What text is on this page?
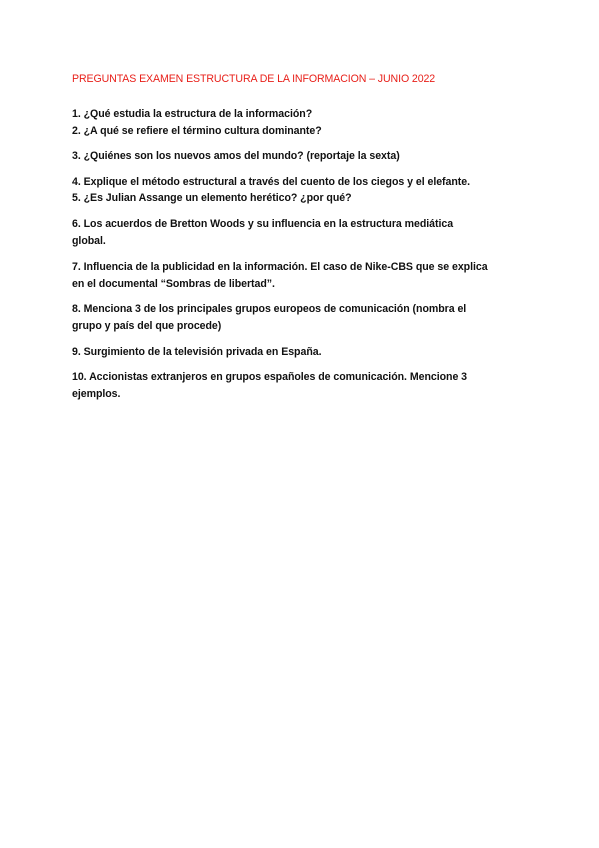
PREGUNTAS EXAMEN ESTRUCTURA DE LA INFORMACION – JUNIO 2022
1. ¿Qué estudia la estructura de la información?
2. ¿A qué se refiere el término cultura dominante?
3. ¿Quiénes son los nuevos amos del mundo? (reportaje la sexta)
4. Explique el método estructural a través del cuento de los ciegos y el elefante.
5. ¿Es Julian Assange un elemento herético? ¿por qué?
6. Los acuerdos de Bretton Woods y su influencia en la estructura mediática
global.
7. Influencia de la publicidad en la información. El caso de Nike-CBS que se explica
en el documental “Sombras de libertad”.
8. Menciona 3 de los principales grupos europeos de comunicación (nombra el
grupo y país del que procede)
9. Surgimiento de la televisión privada en España.
10. Accionistas extranjeros en grupos españoles de comunicación. Mencione 3
ejemplos.
